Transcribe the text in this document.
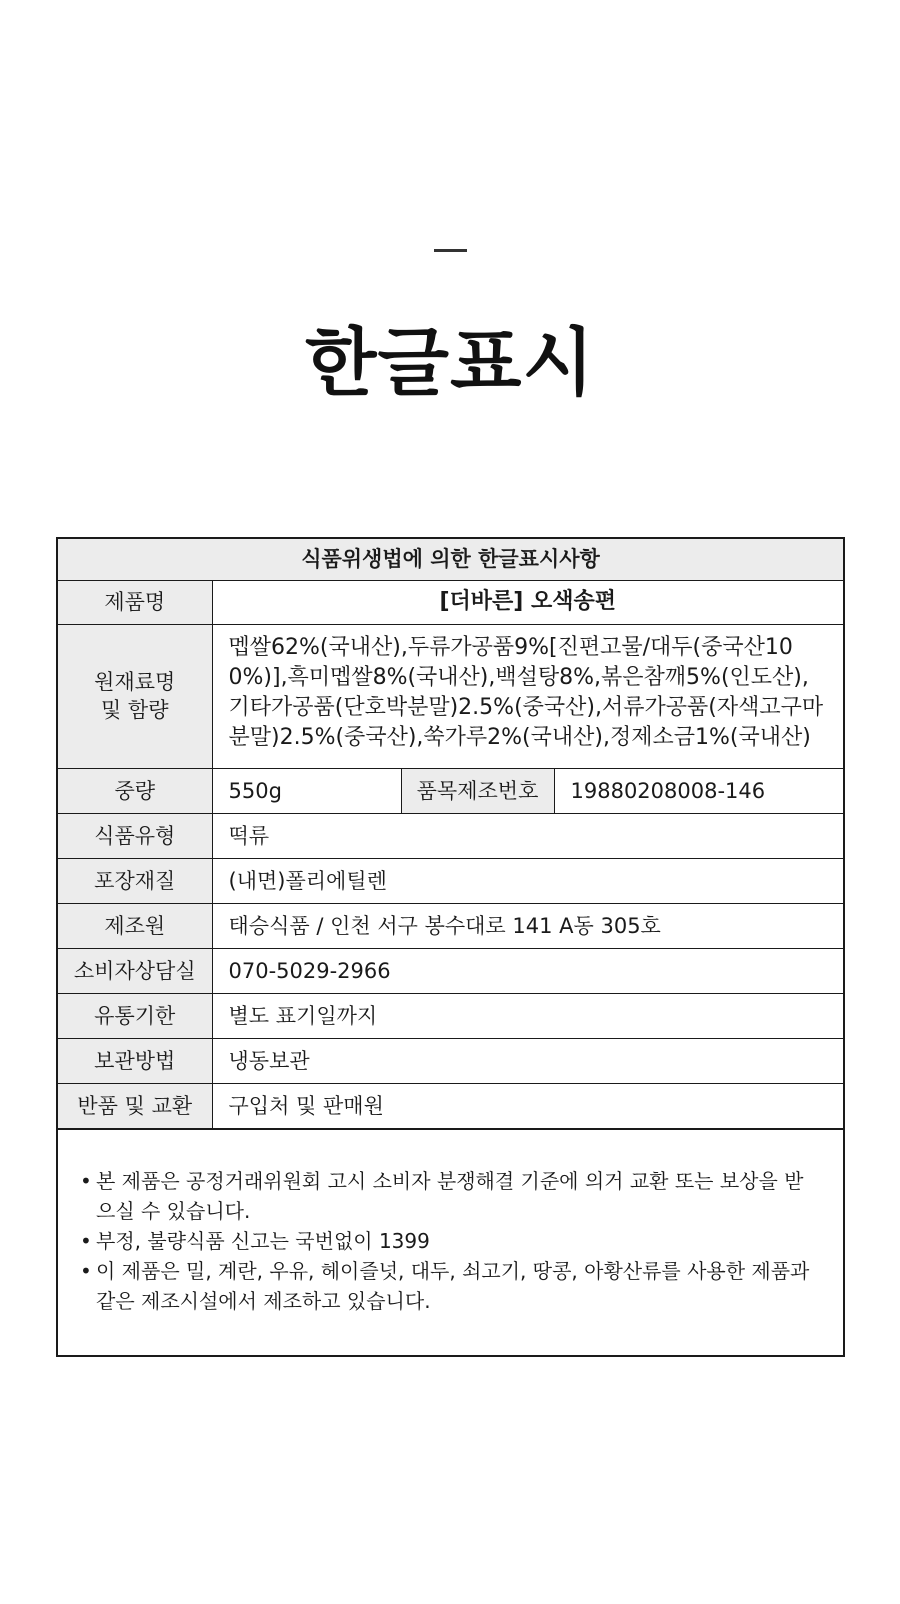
한글표시
식품위생법에 의한 한글표시사항			
제품명	[더바른] 오색송편		
원재료명
및 함량	멥쌀62%(국내산),두류가공품9%[진편고물/대두(중국산100%)],흑미멥쌀8%(국내산),백설탕8%,볶은참깨5%(인도산),기타가공품(단호박분말)2.5%(중국산),서류가공품(자색고구마분말)2.5%(중국산),쑥가루2%(국내산),정제소금1%(국내산)		
중량	550g	품목제조번호	19880208008-146
식품유형	떡류		
포장재질	(내면)폴리에틸렌		
제조원	태승식품 / 인천 서구 봉수대로 141 A동 305호		
소비자상담실	070-5029-2966		
유통기한	별도 표기일까지		
보관방법	냉동보관		
반품 및 교환	구입처 및 판매원		
• 본 제품은 공정거래위원회 고시 소비자 분쟁해결 기준에 의거 교환 또는 보상을 받으실 수 있습니다.
• 부정, 불량식품 신고는 국번없이 1399
• 이 제품은 밀, 계란, 우유, 헤이즐넛, 대두, 쇠고기, 땅콩, 아황산류를 사용한 제품과 같은 제조시설에서 제조하고 있습니다.
